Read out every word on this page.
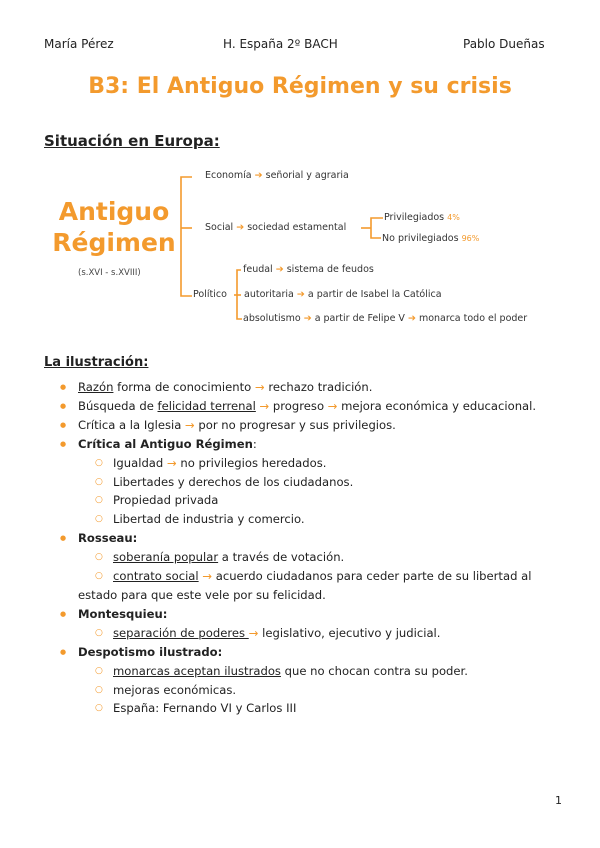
María Pérez	H. España 2º BACH	Pablo Dueñas
B3: El Antiguo Régimen y su crisis
Situación en Europa:
Antiguo
Régimen
(s.XVI - s.XVIII)
Economía ➔ señorial y agraria
Social ➔ sociedad estamental
Privilegiados 4%
No privilegiados 96%
feudal ➔ sistema de feudos
Político autoritaria ➔ a partir de Isabel la Católica
absolutismo ➔ a partir de Felipe V ➔ monarca todo el poder
La ilustración:
● Razón forma de conocimiento → rechazo tradición.
● Búsqueda de felicidad terrenal → progreso → mejora económica y educacional.
● Crítica a la Iglesia → por no progresar y sus privilegios.
● Crítica al Antiguo Régimen:
○ Igualdad → no privilegios heredados.
○ Libertades y derechos de los ciudadanos.
○ Propiedad privada
○ Libertad de industria y comercio.
● Rosseau:
○ soberanía popular a través de votación.
○ contrato social → acuerdo ciudadanos para ceder parte de su libertad al
estado para que este vele por su felicidad.
● Montesquieu:
○ separación de poderes → legislativo, ejecutivo y judicial.
● Despotismo ilustrado:
○ monarcas aceptan ilustrados que no chocan contra su poder.
○ mejoras económicas.
○ España: Fernando VI y Carlos III
1
